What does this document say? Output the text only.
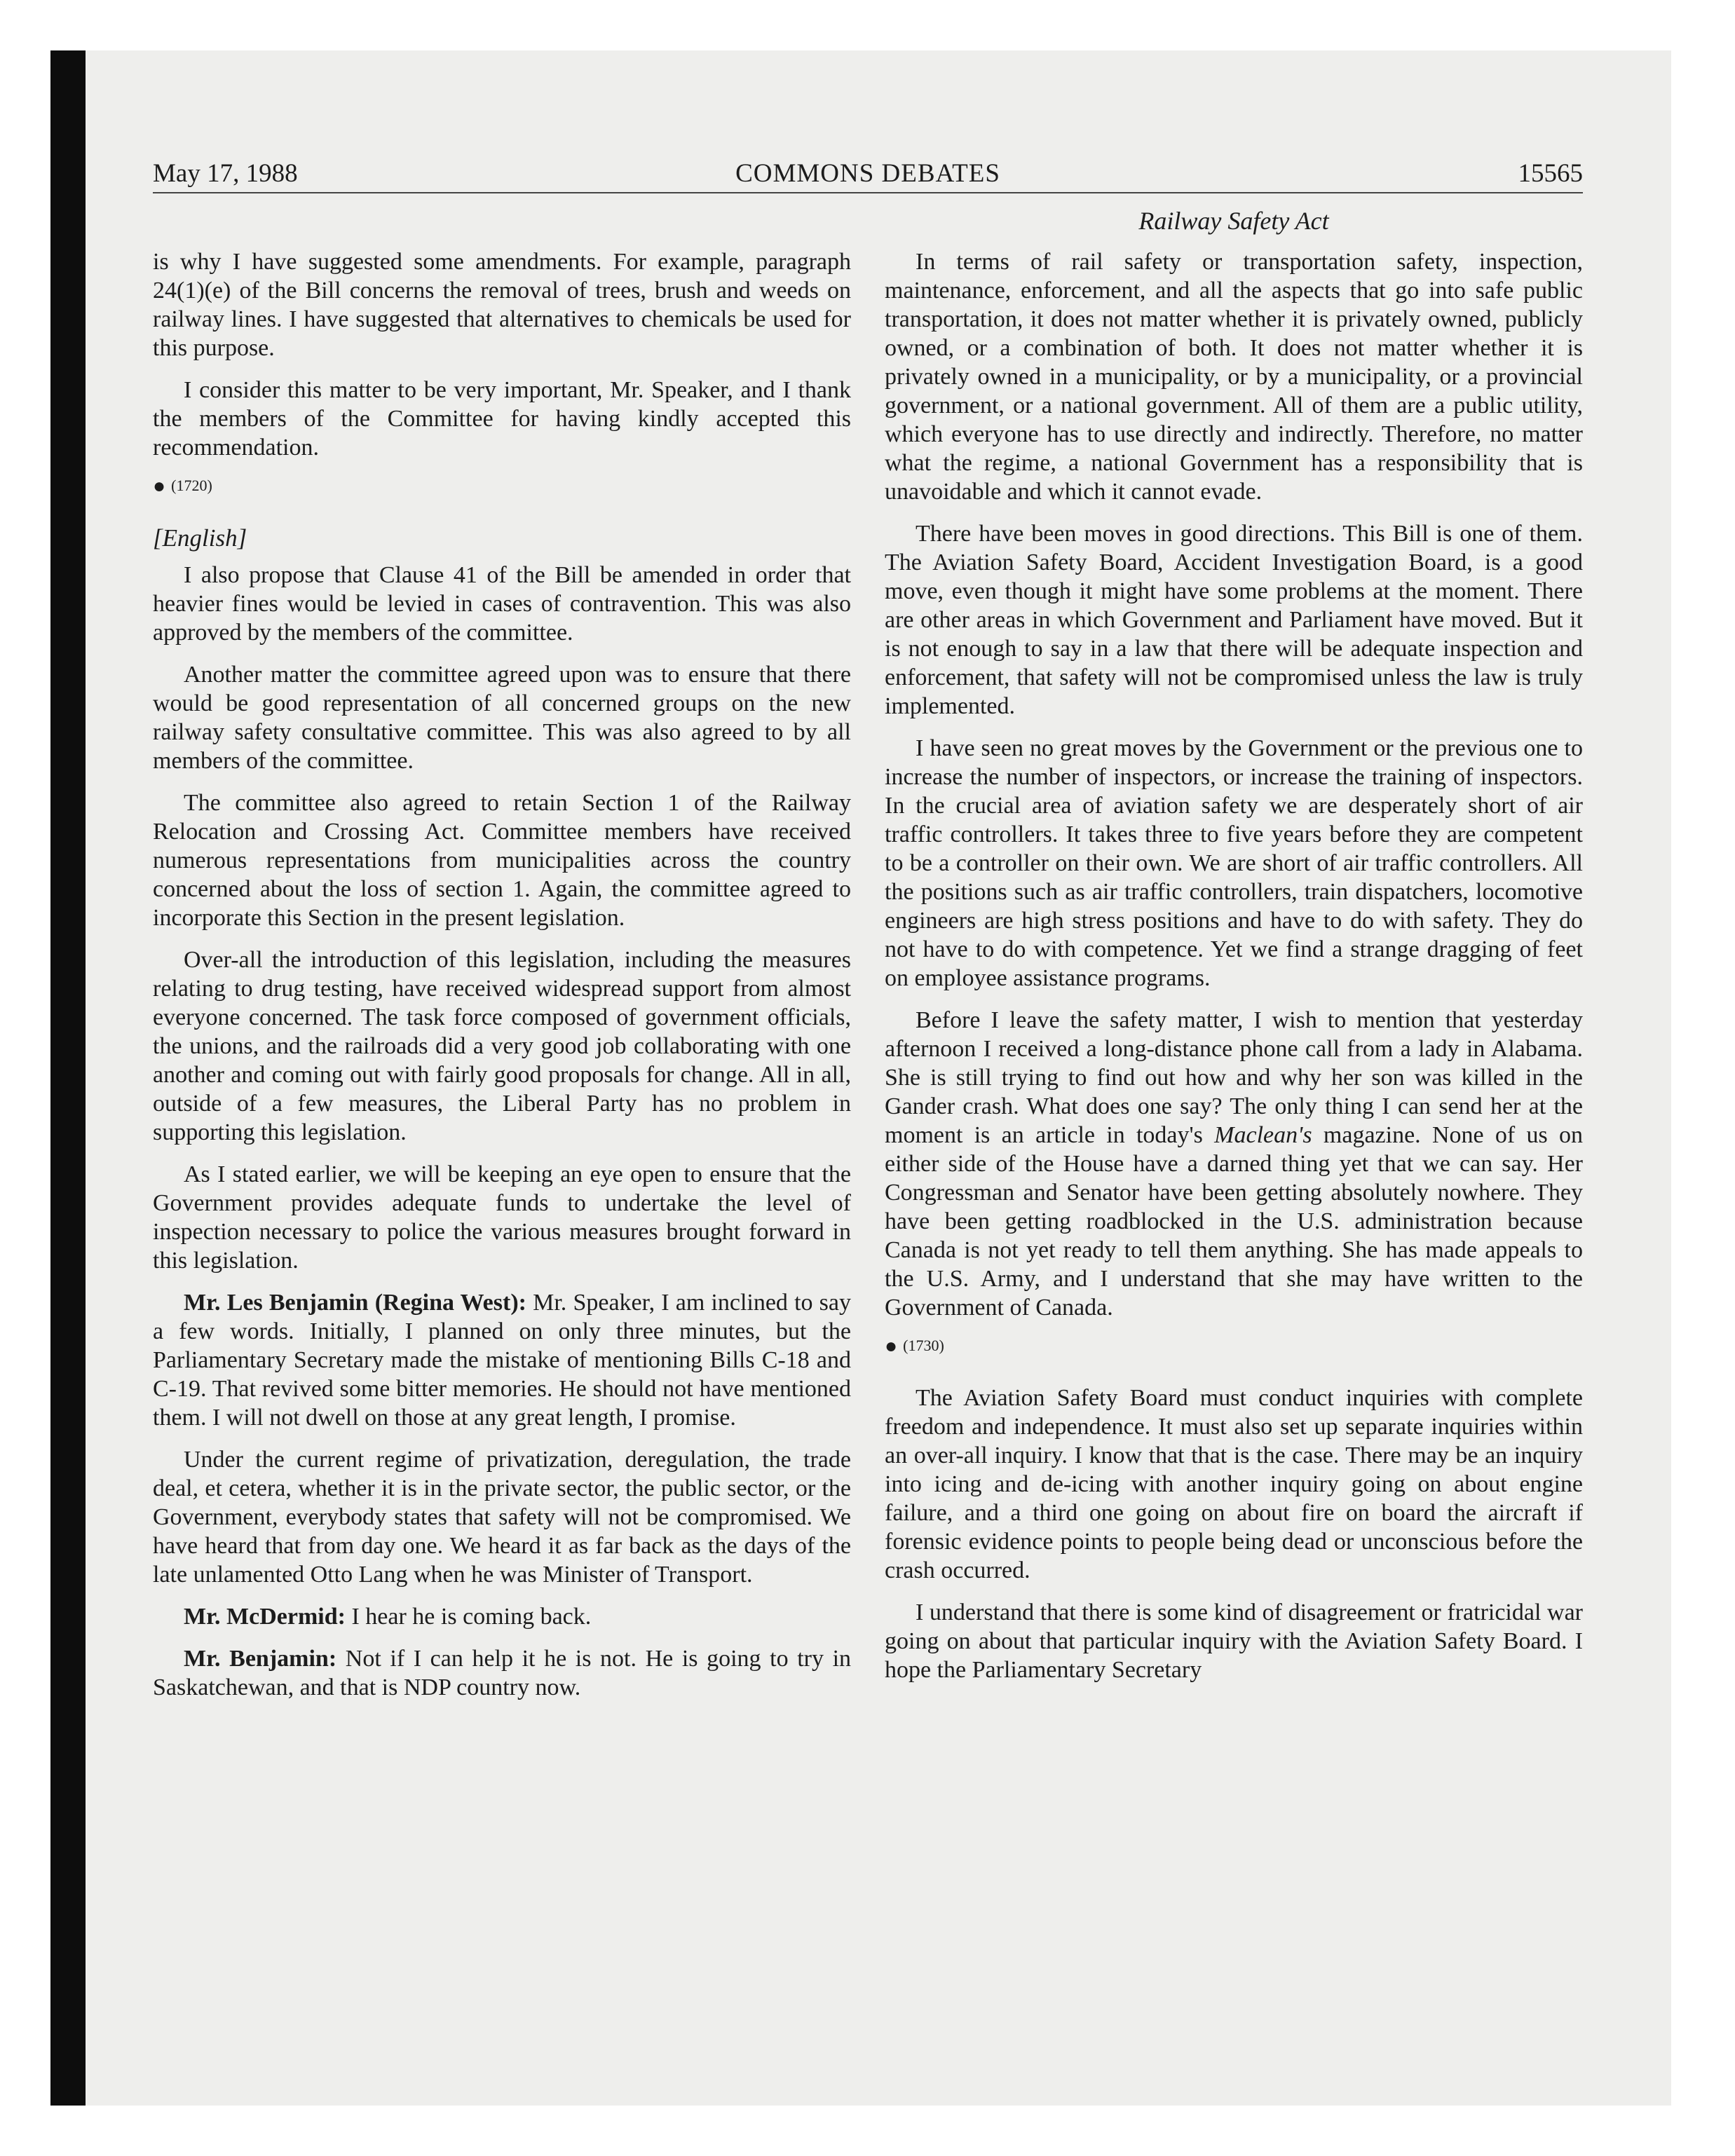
May 17, 1988	COMMONS DEBATES	15565
Railway Safety Act

is why I have suggested some amendments. For example, paragraph 24(1)(e) of the Bill concerns the removal of trees, brush and weeds on railway lines. I have suggested that alternatives to chemicals be used for this purpose.

I consider this matter to be very important, Mr. Speaker, and I thank the members of the Committee for having kindly accepted this recommendation.

● (1720)
[English]

I also propose that Clause 41 of the Bill be amended in order that heavier fines would be levied in cases of contravention. This was also approved by the members of the committee.

Another matter the committee agreed upon was to ensure that there would be good representation of all concerned groups on the new railway safety consultative committee. This was also agreed to by all members of the committee.

The committee also agreed to retain Section 1 of the Railway Relocation and Crossing Act. Committee members have received numerous representations from municipalities across the country concerned about the loss of section 1. Again, the committee agreed to incorporate this Section in the present legislation.

Over-all the introduction of this legislation, including the measures relating to drug testing, have received widespread support from almost everyone concerned. The task force composed of government officials, the unions, and the railroads did a very good job collaborating with one another and coming out with fairly good proposals for change. All in all, outside of a few measures, the Liberal Party has no problem in supporting this legislation.

As I stated earlier, we will be keeping an eye open to ensure that the Government provides adequate funds to undertake the level of inspection necessary to police the various measures brought forward in this legislation.

Mr. Les Benjamin (Regina West): Mr. Speaker, I am inclined to say a few words. Initially, I planned on only three minutes, but the Parliamentary Secretary made the mistake of mentioning Bills C-18 and C-19. That revived some bitter memories. He should not have mentioned them. I will not dwell on those at any great length, I promise.

Under the current regime of privatization, deregulation, the trade deal, et cetera, whether it is in the private sector, the public sector, or the Government, everybody states that safety will not be compromised. We have heard that from day one. We heard it as far back as the days of the late unlamented Otto Lang when he was Minister of Transport.

Mr. McDermid: I hear he is coming back.

Mr. Benjamin: Not if I can help it he is not. He is going to try in Saskatchewan, and that is NDP country now.

In terms of rail safety or transportation safety, inspection, maintenance, enforcement, and all the aspects that go into safe public transportation, it does not matter whether it is privately owned, publicly owned, or a combination of both. It does not matter whether it is privately owned in a municipality, or by a municipality, or a provincial government, or a national government. All of them are a public utility, which everyone has to use directly and indirectly. Therefore, no matter what the regime, a national Government has a responsibility that is unavoidable and which it cannot evade.

There have been moves in good directions. This Bill is one of them. The Aviation Safety Board, Accident Investigation Board, is a good move, even though it might have some problems at the moment. There are other areas in which Government and Parliament have moved. But it is not enough to say in a law that there will be adequate inspection and enforcement, that safety will not be compromised unless the law is truly implemented.

I have seen no great moves by the Government or the previous one to increase the number of inspectors, or increase the training of inspectors. In the crucial area of aviation safety we are desperately short of air traffic controllers. It takes three to five years before they are competent to be a controller on their own. We are short of air traffic controllers. All the positions such as air traffic controllers, train dispatchers, locomotive engineers are high stress positions and have to do with safety. They do not have to do with competence. Yet we find a strange dragging of feet on employee assistance programs.

Before I leave the safety matter, I wish to mention that yesterday afternoon I received a long-distance phone call from a lady in Alabama. She is still trying to find out how and why her son was killed in the Gander crash. What does one say? The only thing I can send her at the moment is an article in today's Maclean's magazine. None of us on either side of the House have a darned thing yet that we can say. Her Congressman and Senator have been getting absolutely nowhere. They have been getting roadblocked in the U.S. administration because Canada is not yet ready to tell them anything. She has made appeals to the U.S. Army, and I understand that she may have written to the Government of Canada.

● (1730)

The Aviation Safety Board must conduct inquiries with complete freedom and independence. It must also set up separate inquiries within an over-all inquiry. I know that that is the case. There may be an inquiry into icing and de-icing with another inquiry going on about engine failure, and a third one going on about fire on board the aircraft if forensic evidence points to people being dead or unconscious before the crash occurred.

I understand that there is some kind of disagreement or fratricidal war going on about that particular inquiry with the Aviation Safety Board. I hope the Parliamentary Secretary
